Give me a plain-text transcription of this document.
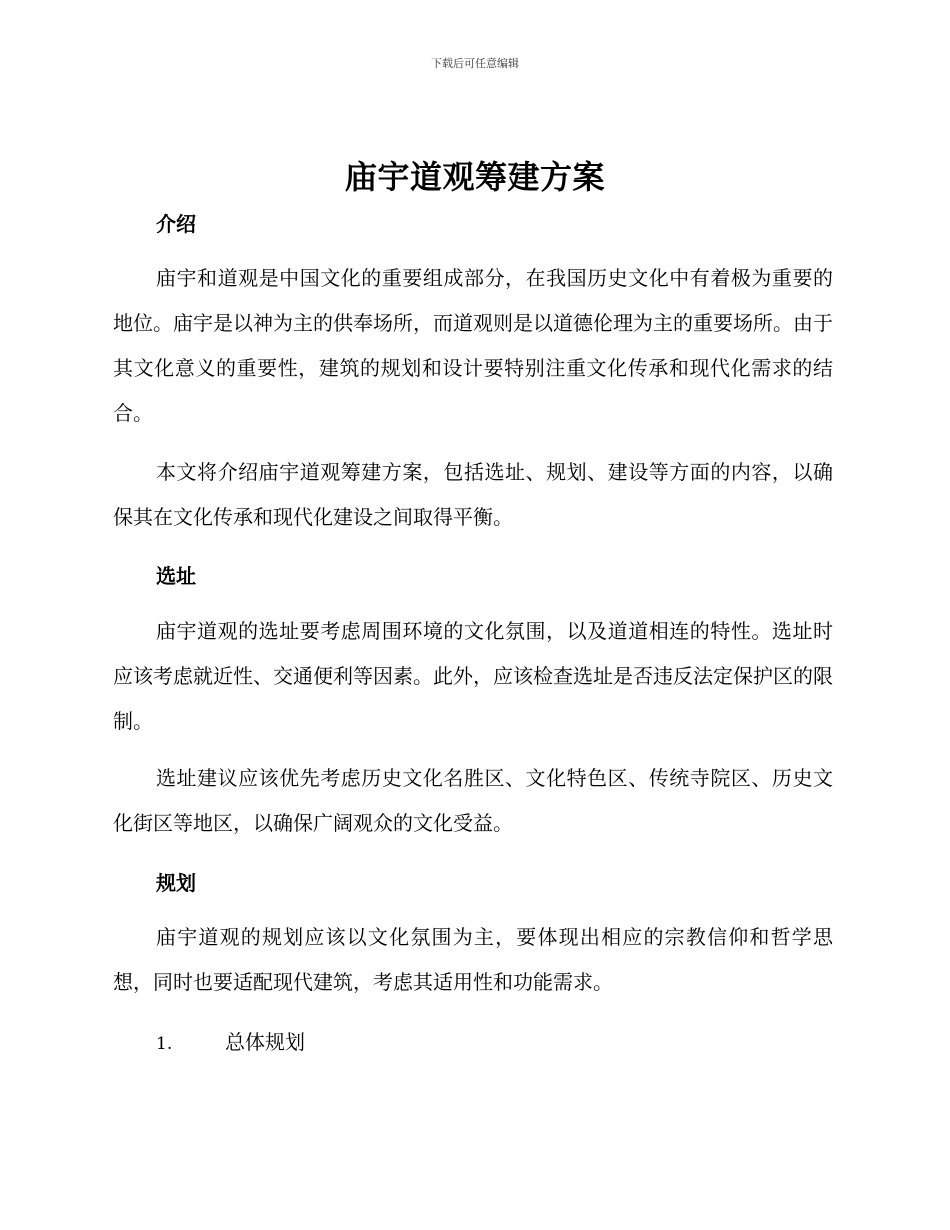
下载后可任意编辑
庙宇道观筹建方案
介绍
庙宇和道观是中国文化的重要组成部分，在我国历史文化中有着极为重要的地位。庙宇是以神为主的供奉场所，而道观则是以道德伦理为主的重要场所。由于其文化意义的重要性，建筑的规划和设计要特别注重文化传承和现代化需求的结合。
本文将介绍庙宇道观筹建方案，包括选址、规划、建设等方面的内容，以确保其在文化传承和现代化建设之间取得平衡。
选址
庙宇道观的选址要考虑周围环境的文化氛围，以及道道相连的特性。选址时应该考虑就近性、交通便利等因素。此外，应该检查选址是否违反法定保护区的限制。
选址建议应该优先考虑历史文化名胜区、文化特色区、传统寺院区、历史文化街区等地区，以确保广阔观众的文化受益。
规划
庙宇道观的规划应该以文化氛围为主，要体现出相应的宗教信仰和哲学思想，同时也要适配现代建筑，考虑其适用性和功能需求。
1.	总体规划
